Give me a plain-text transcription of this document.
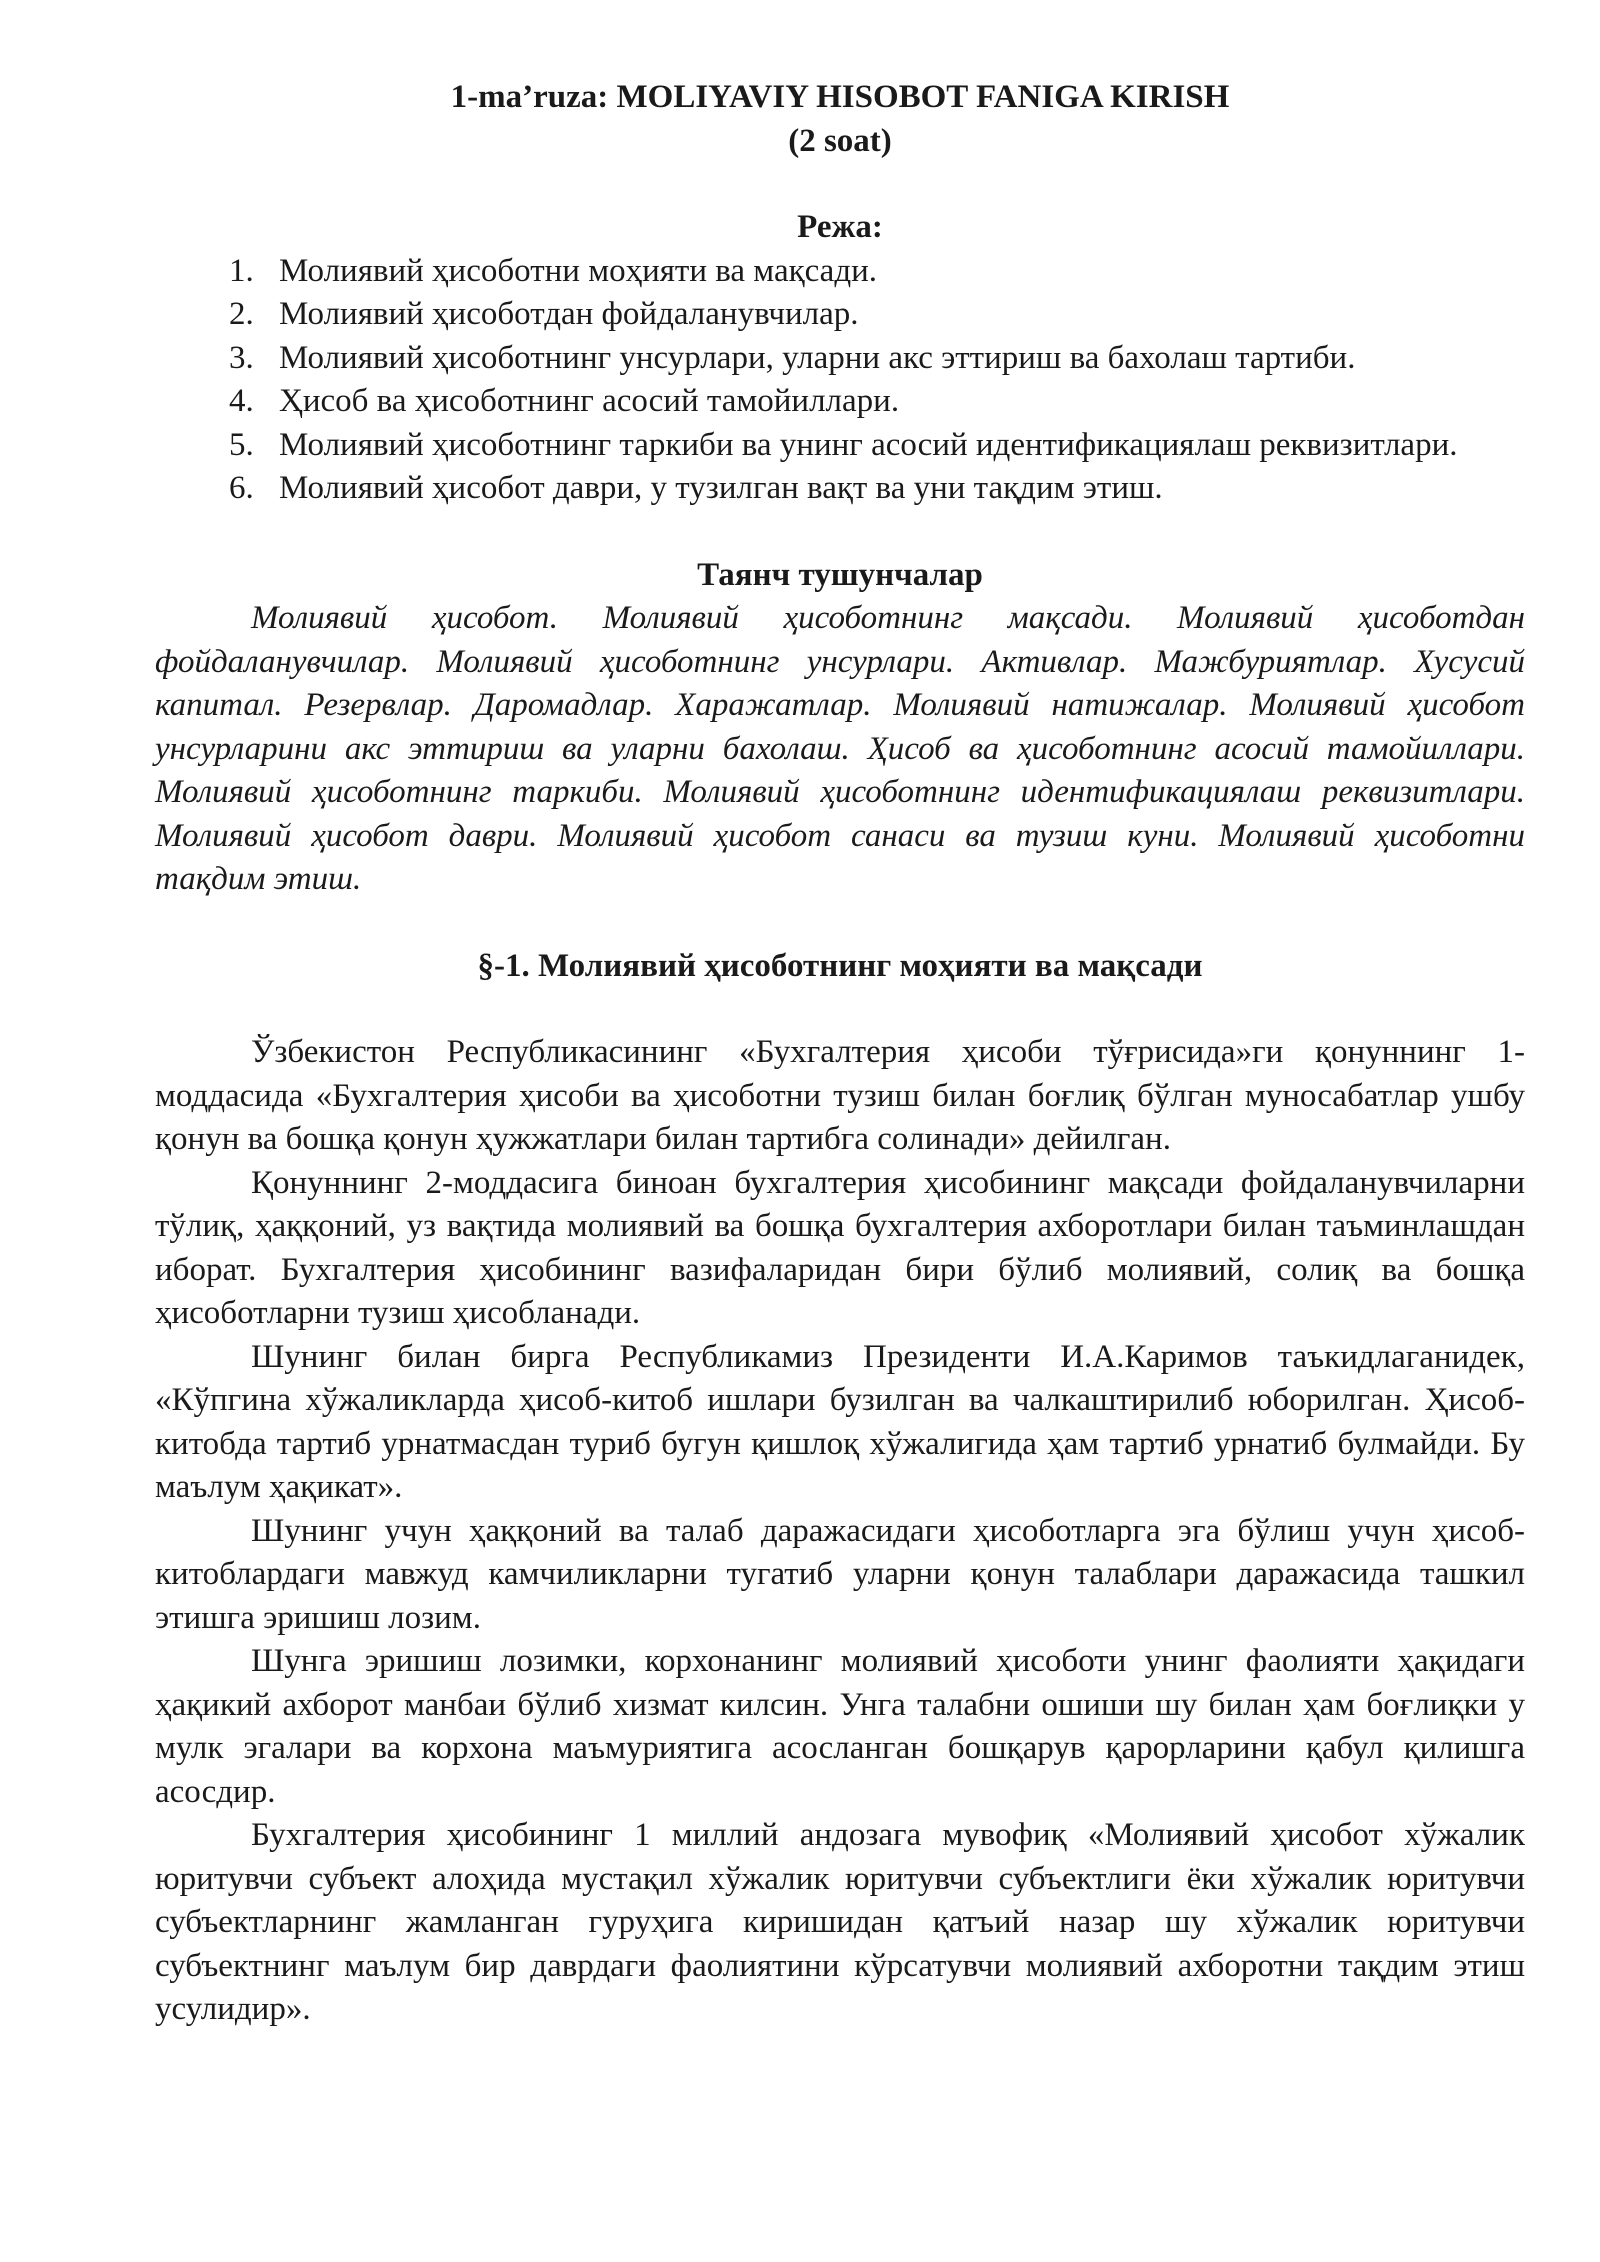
1-ma’ruza: MOLIYAVIY HISOBOT FANIGA KIRISH
(2 soat)
Режа:
1. Молиявий ҳисоботни моҳияти ва мақсади.
2. Молиявий ҳисоботдан фойдаланувчилар.
3. Молиявий ҳисоботнинг унсурлари, уларни акс эттириш ва бахолаш тартиби.
4. Ҳисоб ва ҳисоботнинг асосий тамойиллари.
5. Молиявий ҳисоботнинг таркиби ва унинг асосий идентификациялаш реквизитлари.
6. Молиявий ҳисобот даври, у тузилган вақт ва уни тақдим этиш.
Таянч тушунчалар

Молиявий ҳисобот. Молиявий ҳисоботнинг мақсади. Молиявий ҳисоботдан фойдаланувчилар. Молиявий ҳисоботнинг унсурлари. Активлар. Мажбуриятлар. Хусусий капитал. Резервлар. Даромадлар. Харажатлар. Молиявий натижалар. Молиявий ҳисобот унсурларини акс эттириш ва уларни бахолаш. Ҳисоб ва ҳисоботнинг асосий тамойиллари. Молиявий ҳисоботнинг таркиби. Молиявий ҳисоботнинг идентификациялаш реквизитлари. Молиявий ҳисобот даври. Молиявий ҳисобот санаси ва тузиш куни. Молиявий ҳисоботни тақдим этиш.

§-1. Молиявий ҳисоботнинг моҳияти ва мақсади

Ўзбекистон Республикасининг «Бухгалтерия ҳисоби тўғрисида»ги қонуннинг 1-моддасида «Бухгалтерия ҳисоби ва ҳисоботни тузиш билан боғлиқ бўлган муносабатлар ушбу қонун ва бошқа қонун ҳужжатлари билан тартибга солинади» дейилган.

Қонуннинг 2-моддасига биноан бухгалтерия ҳисобининг мақсади фойдаланувчиларни тўлиқ, ҳаққоний, уз вақтида молиявий ва бошқа бухгалтерия ахборотлари билан таъминлашдан иборат. Бухгалтерия ҳисобининг вазифаларидан бири бўлиб молиявий, солиқ ва бошқа ҳисоботларни тузиш ҳисобланади.

Шунинг билан бирга Республикамиз Президенти И.А.Каримов таъкидлаганидек, «Кўпгина хўжаликларда ҳисоб-китоб ишлари бузилган ва чалкаштирилиб юборилган. Ҳисоб-китобда тартиб урнатмасдан туриб бугун қишлоқ хўжалигида ҳам тартиб урнатиб булмайди. Бу маълум ҳақикат».

Шунинг учун ҳаққоний ва талаб даражасидаги ҳисоботларга эга бўлиш учун ҳисоб-китоблардаги мавжуд камчиликларни тугатиб уларни қонун талаблари даражасида ташкил этишга эришиш лозим.

Шунга эришиш лозимки, корхонанинг молиявий ҳисоботи унинг фаолияти ҳақидаги ҳақикий ахборот манбаи бўлиб хизмат килсин. Унга талабни ошиши шу билан ҳам боғлиқки у мулк эгалари ва корхона маъмуриятига асосланган бошқарув қарорларини қабул қилишга асосдир.

Бухгалтерия ҳисобининг 1 миллий андозага мувофиқ «Молиявий ҳисобот хўжалик юритувчи субъект алоҳида мустақил хўжалик юритувчи субъектлиги ёки хўжалик юритувчи субъектларнинг жамланган гуруҳига киришидан қатъий назар шу хўжалик юритувчи субъектнинг маълум бир даврдаги фаолиятини кўрсатувчи молиявий ахборотни тақдим этиш усулидир».
